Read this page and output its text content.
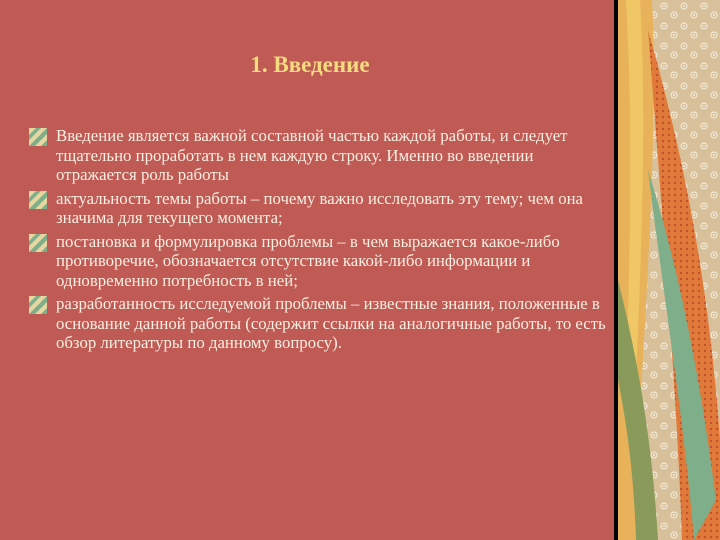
1. Введение
Введение является важной составной частью каждой работы, и следует тщательно проработать в нем каждую строку. Именно во введении отражается роль работы
актуальность темы работы – почему важно исследовать эту тему; чем она значима для текущего момента;
постановка и формулировка проблемы – в чем выражается какое-либо противоречие, обозначается отсутствие какой-либо информации и одновременно потребность в ней;
разработанность исследуемой проблемы – известные знания, положенные в основание данной работы (содержит ссылки на аналогичные работы, то есть обзор литературы по данному вопросу).
